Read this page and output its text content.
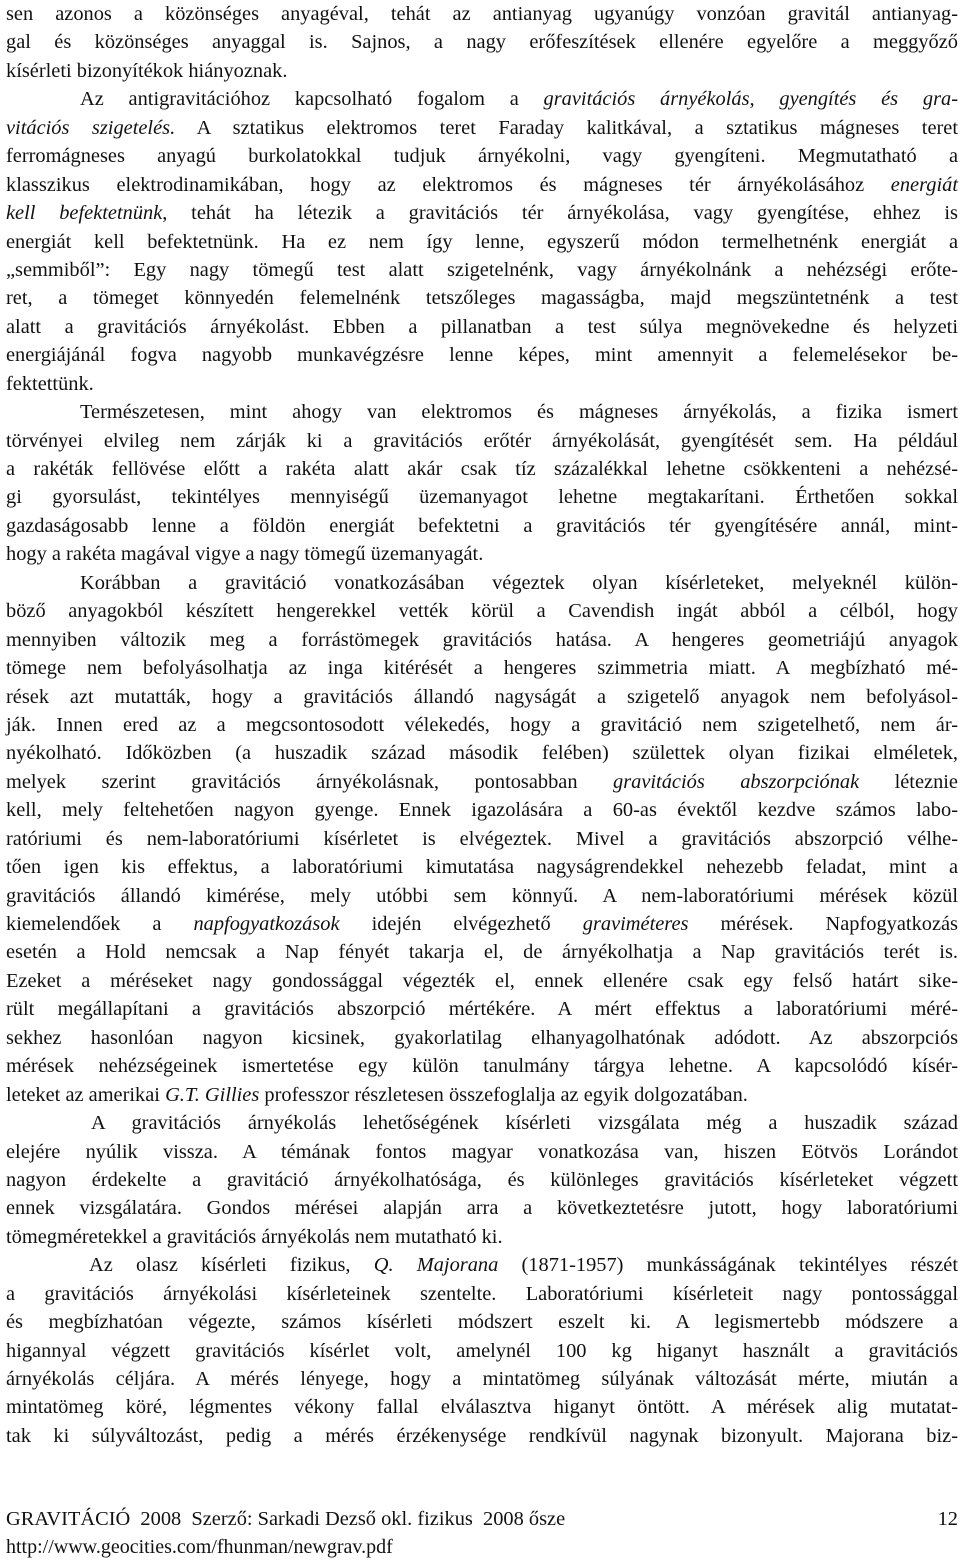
sen azonos a közönséges anyagéval, tehát az antianyag ugyanúgy vonzóan gravitál antianyag-
gal és közönséges anyaggal is. Sajnos, a nagy erőfeszítések ellenére egyelőre a meggyőző
kísérleti bizonyítékok hiányoznak.
Az antigravitációhoz kapcsolható fogalom a gravitációs árnyékolás, gyengítés és gra-
vitációs szigetelés. A sztatikus elektromos teret Faraday kalitkával, a sztatikus mágneses teret
ferromágneses anyagú burkolatokkal tudjuk árnyékolni, vagy gyengíteni. Megmutatható a
klasszikus elektrodinamikában, hogy az elektromos és mágneses tér árnyékolásához energiát
kell befektetnünk, tehát ha létezik a gravitációs tér árnyékolása, vagy gyengítése, ehhez is
energiát kell befektetnünk. Ha ez nem így lenne, egyszerű módon termelhetnénk energiát a
„semmiből”: Egy nagy tömegű test alatt szigetelnénk, vagy árnyékolnánk a nehézségi erőte-
ret, a tömeget könnyedén felemelnénk tetszőleges magasságba, majd megszüntetnénk a test
alatt a gravitációs árnyékolást. Ebben a pillanatban a test súlya megnövekedne és helyzeti
energiájánál fogva nagyobb munkavégzésre lenne képes, mint amennyit a felemelésekor be-
fektettünk.
Természetesen, mint ahogy van elektromos és mágneses árnyékolás, a fizika ismert
törvényei elvileg nem zárják ki a gravitációs erőtér árnyékolását, gyengítését sem. Ha például
a rakéták fellövése előtt a rakéta alatt akár csak tíz százalékkal lehetne csökkenteni a nehézsé-
gi gyorsulást, tekintélyes mennyiségű üzemanyagot lehetne megtakarítani. Érthetően sokkal
gazdaságosabb lenne a földön energiát befektetni a gravitációs tér gyengítésére annál, mint-
hogy a rakéta magával vigye a nagy tömegű üzemanyagát.
Korábban a gravitáció vonatkozásában végeztek olyan kísérleteket, melyeknél külön-
böző anyagokból készített hengerekkel vették körül a Cavendish ingát abból a célból, hogy
mennyiben változik meg a forrástömegek gravitációs hatása. A hengeres geometriájú anyagok
tömege nem befolyásolhatja az inga kitérését a hengeres szimmetria miatt. A megbízható mé-
rések azt mutatták, hogy a gravitációs állandó nagyságát a szigetelő anyagok nem befolyásol-
ják. Innen ered az a megcsontosodott vélekedés, hogy a gravitáció nem szigetelhető, nem ár-
nyékolható. Időközben (a huszadik század második felében) születtek olyan fizikai elméletek,
melyek szerint gravitációs árnyékolásnak, pontosabban gravitációs abszorpciónak léteznie
kell, mely feltehetően nagyon gyenge. Ennek igazolására a 60-as évektől kezdve számos labo-
ratóriumi és nem-laboratóriumi kísérletet is elvégeztek. Mivel a gravitációs abszorpció vélhe-
tően igen kis effektus, a laboratóriumi kimutatása nagyságrendekkel nehezebb feladat, mint a
gravitációs állandó kimérése, mely utóbbi sem könnyű. A nem-laboratóriumi mérések közül
kiemelendőek a napfogyatkozások idején elvégezhető graviméteres mérések. Napfogyatkozás
esetén a Hold nemcsak a Nap fényét takarja el, de árnyékolhatja a Nap gravitációs terét is.
Ezeket a méréseket nagy gondossággal végezték el, ennek ellenére csak egy felső határt sike-
rült megállapítani a gravitációs abszorpció mértékére. A mért effektus a laboratóriumi méré-
sekhez hasonlóan nagyon kicsinek, gyakorlatilag elhanyagolhatónak adódott. Az abszorpciós
mérések nehézségeinek ismertetése egy külön tanulmány tárgya lehetne. A kapcsolódó kísér-
leteket az amerikai G.T. Gillies professzor részletesen összefoglalja az egyik dolgozatában.
A gravitációs árnyékolás lehetőségének kísérleti vizsgálata még a huszadik század
elejére nyúlik vissza. A témának fontos magyar vonatkozása van, hiszen Eötvös Lorándot
nagyon érdekelte a gravitáció árnyékolhatósága, és különleges gravitációs kísérleteket végzett
ennek vizsgálatára. Gondos mérései alapján arra a következtetésre jutott, hogy laboratóriumi
tömegméretekkel a gravitációs árnyékolás nem mutatható ki.
Az olasz kísérleti fizikus, Q. Majorana (1871-1957) munkásságának tekintélyes részét
a gravitációs árnyékolási kísérleteinek szentelte. Laboratóriumi kísérleteit nagy pontossággal
és megbízhatóan végezte, számos kísérleti módszert eszelt ki. A legismertebb módszere a
higannyal végzett gravitációs kísérlet volt, amelynél 100 kg higanyt használt a gravitációs
árnyékolás céljára. A mérés lényege, hogy a mintatömeg súlyának változását mérte, miután a
mintatömeg köré, légmentes vékony fallal elválasztva higanyt öntött. A mérések alig mutatat-
tak ki súlyváltozást, pedig a mérés érzékenysége rendkívül nagynak bizonyult. Majorana biz-
GRAVITÁCIÓ  2008  Szerző: Sarkadi Dezső okl. fizikus  2008 ősze	12
http://www.geocities.com/fhunman/newgrav.pdf
